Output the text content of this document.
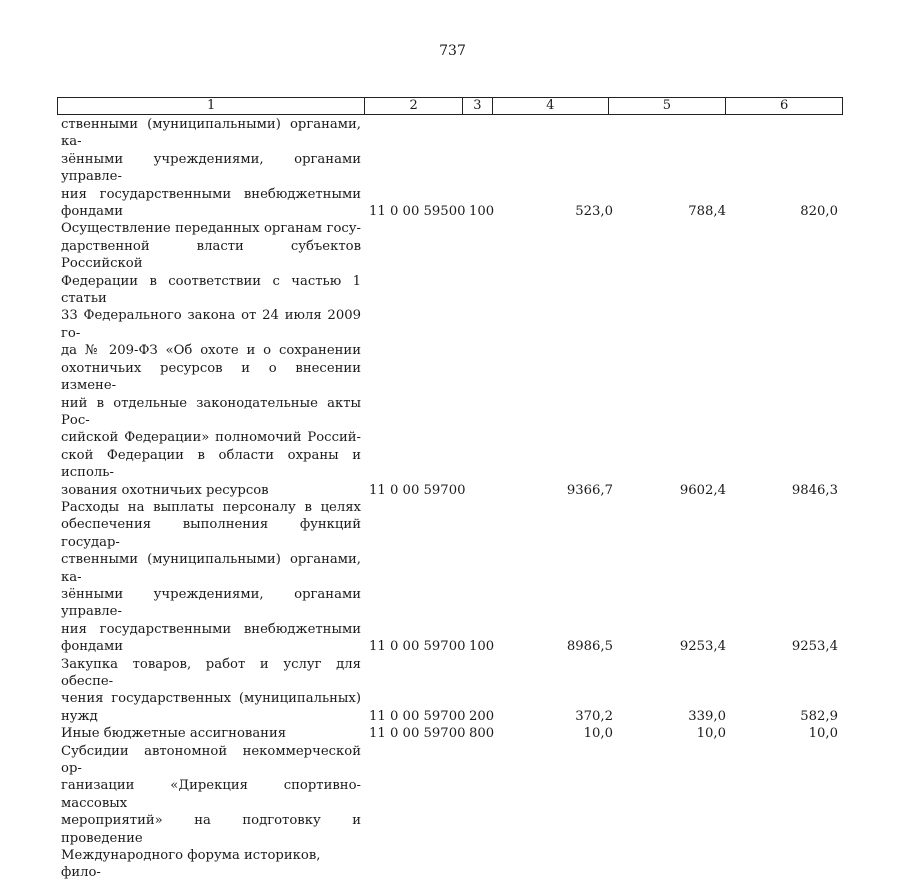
737
1	2	3	4	5	6
ственными (муниципальными) органами, ка-
зёнными учреждениями, органами управле-
ния государственными внебюджетными
фондами	11 0 00 59500 100	523,0	788,4	820,0
Осуществление переданных органам госу-
дарственной власти субъектов Российской
Федерации в соответствии с частью 1 статьи
33 Федерального закона от 24 июля 2009 го-
да № 209-ФЗ «Об охоте и о сохранении
охотничьих ресурсов и о внесении измене-
ний в отдельные законодательные акты Рос-
сийской Федерации» полномочий Россий-
ской Федерации в области охраны и исполь-
зования охотничьих ресурсов	11 0 00 59700	9366,7	9602,4	9846,3
Расходы на выплаты персоналу в целях
обеспечения выполнения функций государ-
ственными (муниципальными) органами, ка-
зёнными учреждениями, органами управле-
ния государственными внебюджетными
фондами	11 0 00 59700 100	8986,5	9253,4	9253,4
Закупка товаров, работ и услуг для обеспе-
чения государственных (муниципальных)
нужд	11 0 00 59700 200	370,2	339,0	582,9
Иные бюджетные ассигнования	11 0 00 59700 800	10,0	10,0	10,0
Субсидии автономной некоммерческой ор-
ганизации «Дирекция спортивно-массовых
мероприятий» на подготовку и проведение
Международного форума историков, фило-
